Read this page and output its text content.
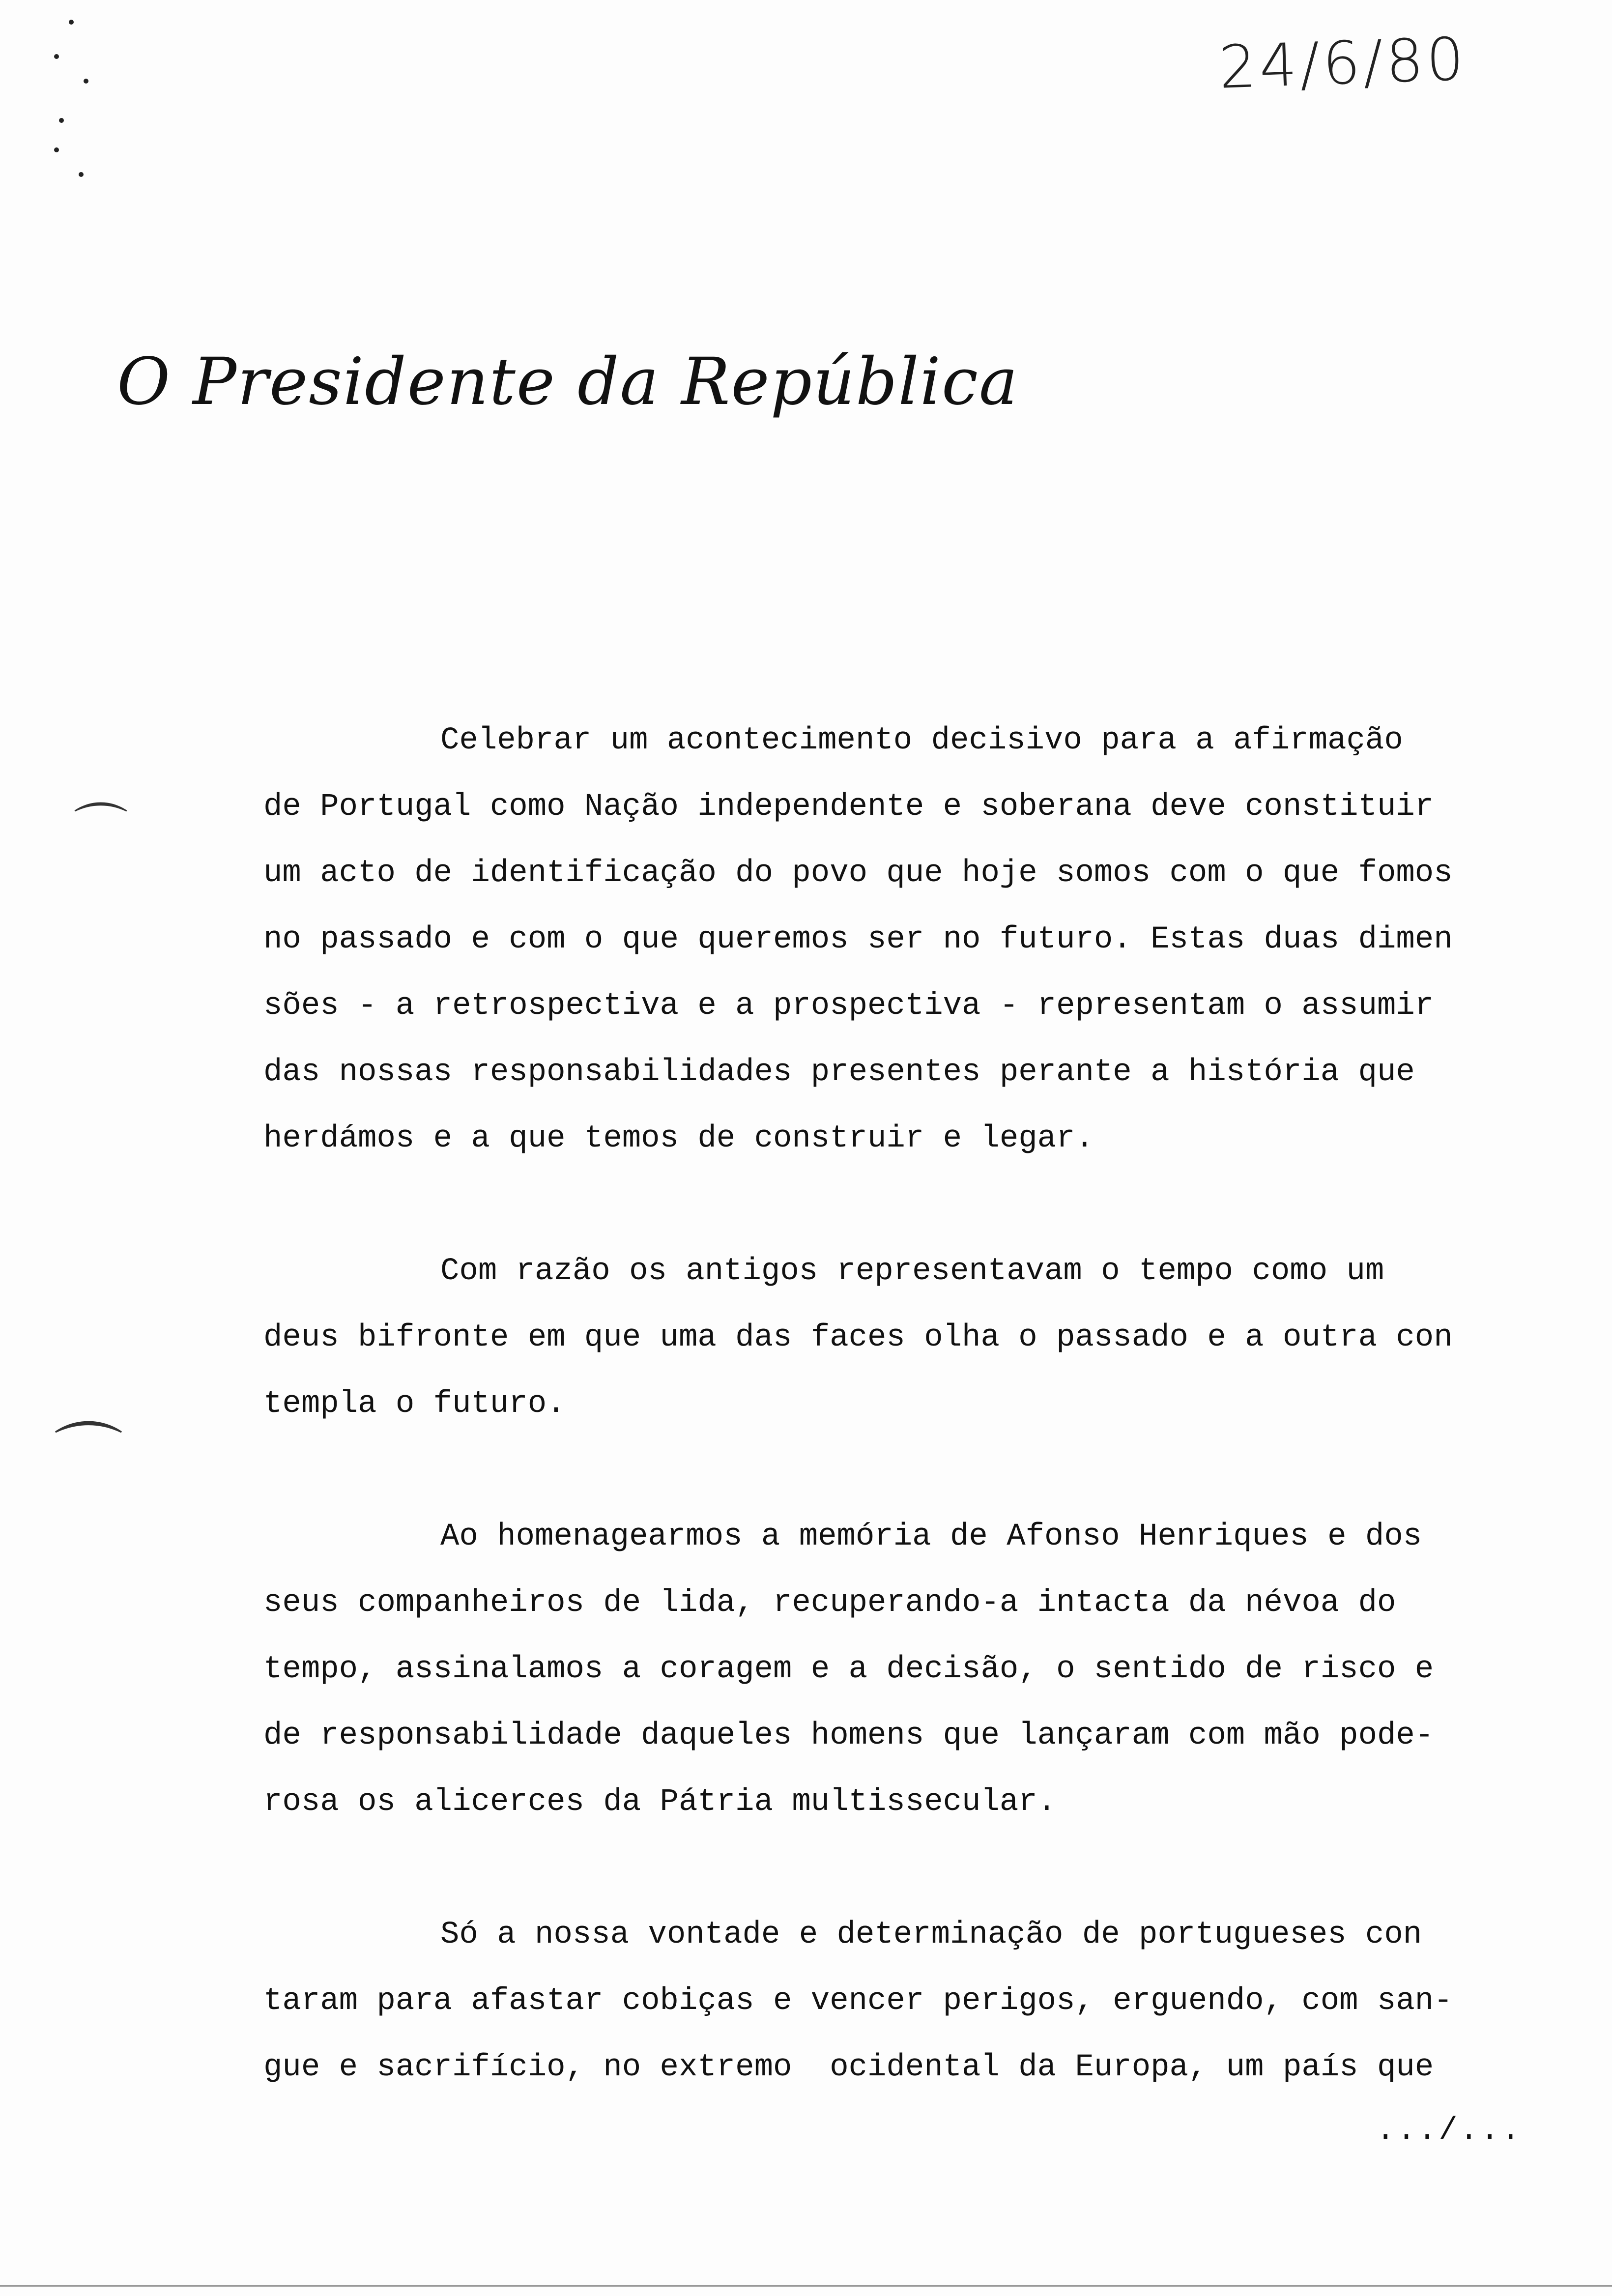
24/6/80
O Presidente da República
⌒
⌒
Celebrar um acontecimento decisivo para a afirmação
de Portugal como Nação independente e soberana deve constituir
um acto de identificação do povo que hoje somos com o que fomos
no passado e com o que queremos ser no futuro. Estas duas dimen
sões - a retrospectiva e a prospectiva - representam o assumir
das nossas responsabilidades presentes perante a história que
herdámos e a que temos de construir e legar.
Com razão os antigos representavam o tempo como um
deus bifronte em que uma das faces olha o passado e a outra con
templa o futuro.
Ao homenagearmos a memória de Afonso Henriques e dos
seus companheiros de lida, recuperando-a intacta da névoa do
tempo, assinalamos a coragem e a decisão, o sentido de risco e
de responsabilidade daqueles homens que lançaram com mão pode-
rosa os alicerces da Pátria multissecular.
Só a nossa vontade e determinação de portugueses con
taram para afastar cobiças e vencer perigos, erguendo, com san-
gue e sacrifício, no extremo  ocidental da Europa, um país que
.../...
